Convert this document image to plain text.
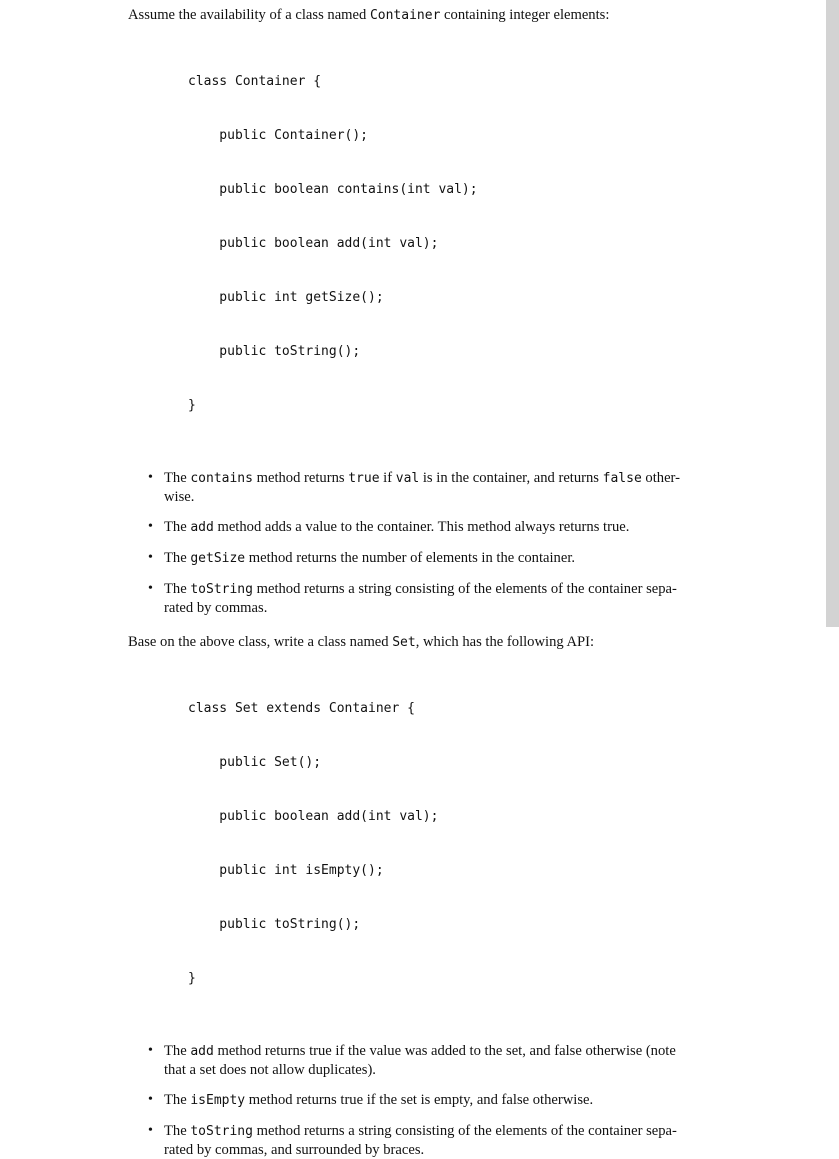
Assume the availability of a class named Container containing integer elements:

class Container {

public Container();

public boolean contains(int val);

public boolean add(int val);

public int getSize();

public toString();

}

• The contains method returns true if val is in the container, and returns false other-
wise.
• The add method adds a value to the container. This method always returns true.
• The getSize method returns the number of elements in the container.
• The toString method returns a string consisting of the elements of the container sepa-
rated by commas.

Base on the above class, write a class named Set, which has the following API:

class Set extends Container {

public Set();

public boolean add(int val);

public int isEmpty();

public toString();

}

• The add method returns true if the value was added to the set, and false otherwise (note
that a set does not allow duplicates).
• The isEmpty method returns true if the set is empty, and false otherwise.
• The toString method returns a string consisting of the elements of the container sepa-
rated by commas, and surrounded by braces.
